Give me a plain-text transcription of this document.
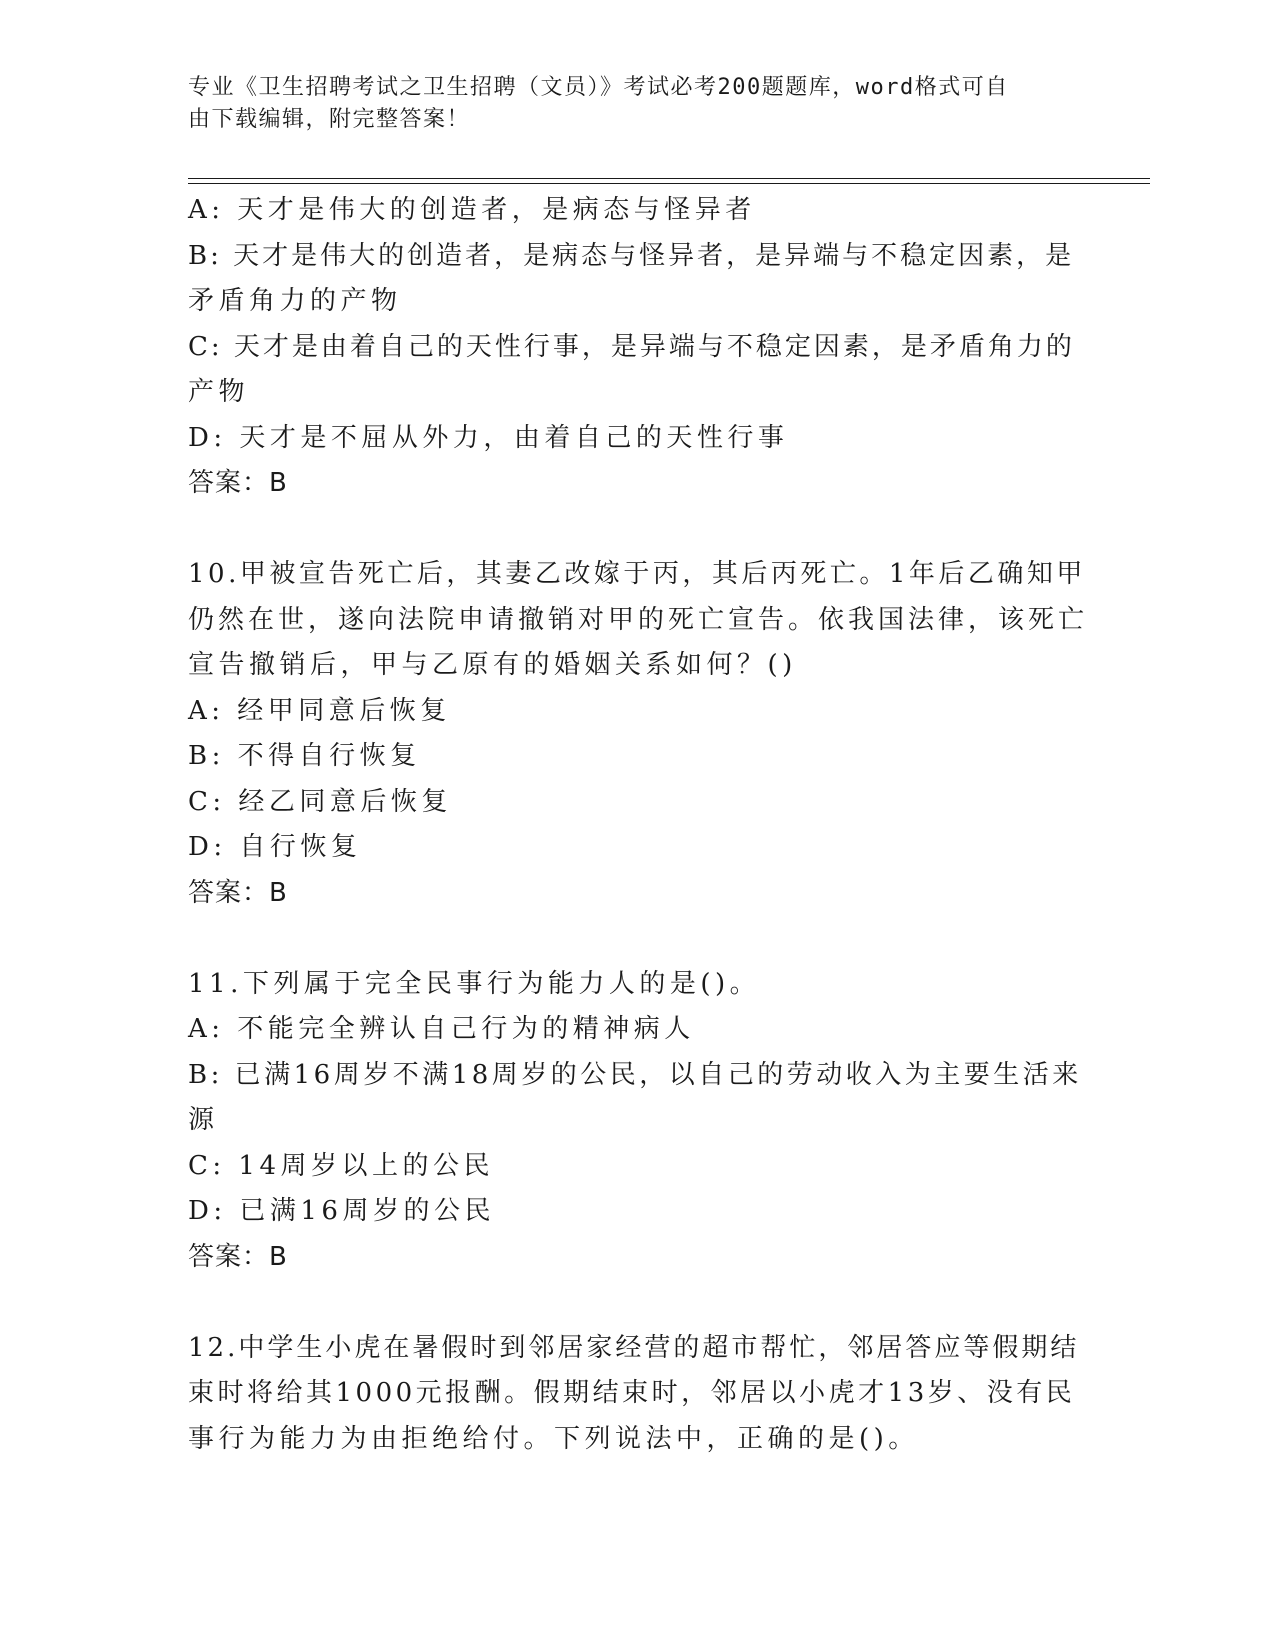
专业《卫生招聘考试之卫生招聘（文员）》考试必考200题题库，word格式可自
由下载编辑，附完整答案！
A: 天才是伟大的创造者，是病态与怪异者
B: 天才是伟大的创造者，是病态与怪异者，是异端与不稳定因素，是
矛盾角力的产物
C: 天才是由着自己的天性行事，是异端与不稳定因素，是矛盾角力的
产物
D: 天才是不屈从外力，由着自己的天性行事
答案：B
10.甲被宣告死亡后，其妻乙改嫁于丙，其后丙死亡。1年后乙确知甲
仍然在世，遂向法院申请撤销对甲的死亡宣告。依我国法律，该死亡
宣告撤销后，甲与乙原有的婚姻关系如何？()
A: 经甲同意后恢复
B: 不得自行恢复
C: 经乙同意后恢复
D: 自行恢复
答案：B
11.下列属于完全民事行为能力人的是()。
A: 不能完全辨认自己行为的精神病人
B: 已满16周岁不满18周岁的公民，以自己的劳动收入为主要生活来
源
C: 14周岁以上的公民
D: 已满16周岁的公民
答案：B
12.中学生小虎在暑假时到邻居家经营的超市帮忙，邻居答应等假期结
束时将给其1000元报酬。假期结束时，邻居以小虎才13岁、没有民
事行为能力为由拒绝给付。下列说法中，正确的是()。
